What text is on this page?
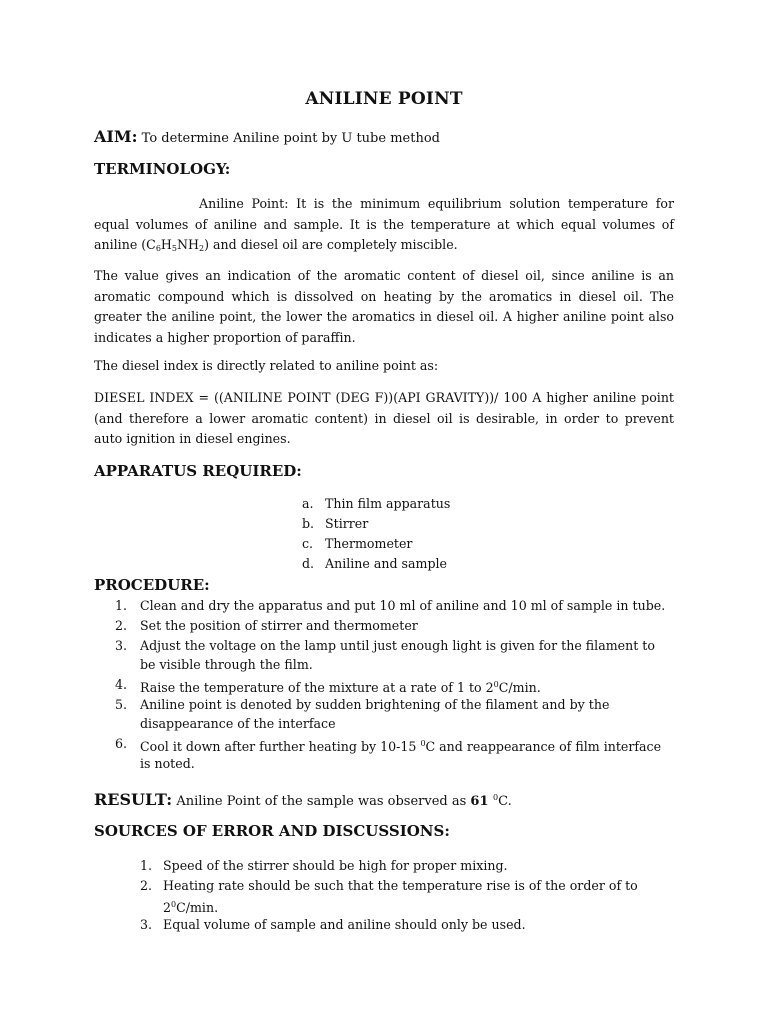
ANILINE POINT

AIM: To determine Aniline point by U tube method

TERMINOLOGY:
Aniline Point: It is the minimum equilibrium solution temperature for
equal volumes of aniline and sample. It is the temperature at which equal volumes of
aniline $(C_6H_5NH_2)$ and diesel oil are completely miscible.
The value gives an indication of the aromatic content of diesel oil, since aniline is an
aromatic compound which is dissolved on heating by the aromatics in diesel oil. The
greater the aniline point, the lower the aromatics in diesel oil. A higher aniline point also
indicates a higher proportion of paraffin.

The diesel index is directly related to aniline point as:

DIESEL INDEX = ((ANILINE POINT (DEG F))(API GRAVITY))/ 100 A higher aniline point
(and therefore a lower aromatic content) in diesel oil is desirable, in order to prevent
auto ignition in diesel engines.
APPARATUS REQUIRED:
a. Thin film apparatus
b. Stirrer
c. Thermometer
d. Aniline and sample
PROCEDURE:
1. Clean and dry the apparatus and put 10 ml of aniline and 10 ml of sample in tube.
2. Set the position of stirrer and thermometer
3. Adjust the voltage on the lamp until just enough light is given for the filament to
be visible through the film.
4. Raise the temperature of the mixture at a rate of 1 to $2^0C/\min$.
5. Aniline point is denoted by sudden brightening of the filament and by the
disappearance of the interface
6. Cool it down after further heating by 10-15 $^0$C and reappearance of film interface
is noted.

RESULT: Aniline Point of the sample was observed as 61 $^0$C.

SOURCES OF ERROR AND DISCUSSIONS:
1. Speed of the stirrer should be high for proper mixing.
2. Heating rate should be such that the temperature rise is of the order of to
$2^0C/\min$.
3. Equal volume of sample and aniline should only be used.
